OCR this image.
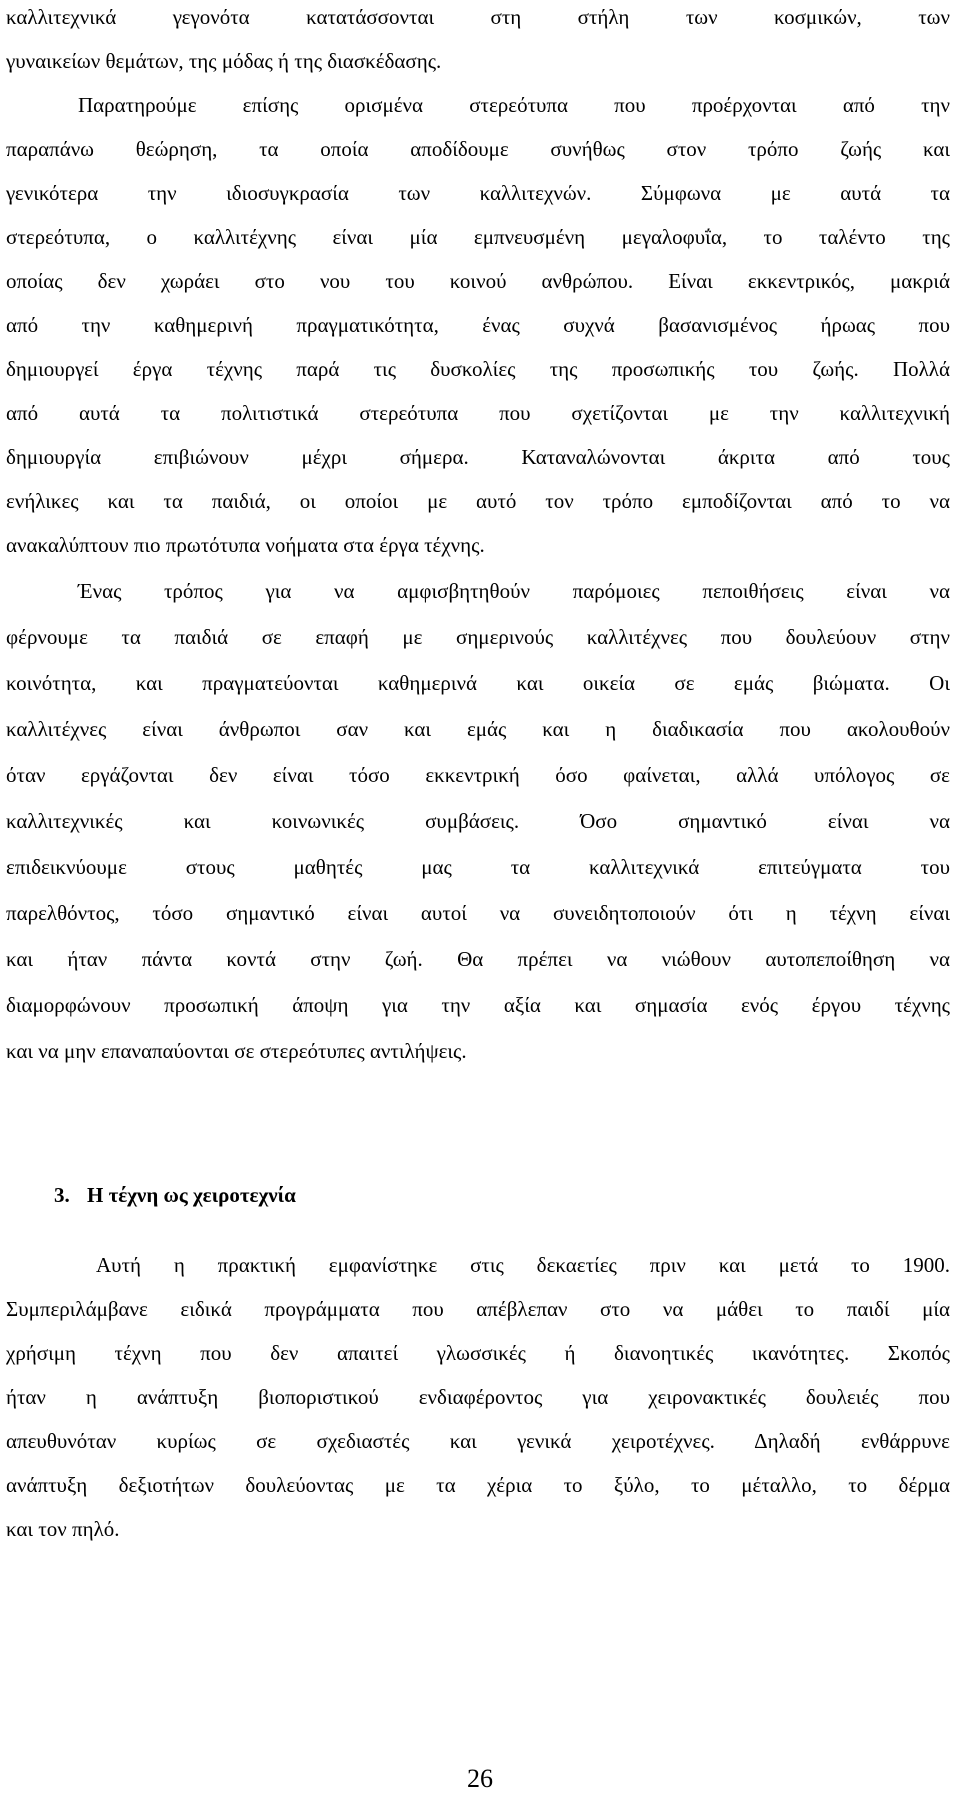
καλλιτεχνικά γεγονότα κατατάσσονται στη στήλη των κοσμικών, των
γυναικείων θεμάτων, της μόδας ή της διασκέδασης.
Παρατηρούμε επίσης ορισμένα στερεότυπα που προέρχονται από την
παραπάνω θεώρηση, τα οποία αποδίδουμε συνήθως στον τρόπο ζωής και
γενικότερα την ιδιοσυγκρασία των καλλιτεχνών. Σύμφωνα με αυτά τα
στερεότυπα, ο καλλιτέχνης είναι μία εμπνευσμένη μεγαλοφυΐα, το ταλέντο της
οποίας δεν χωράει στο νου του κοινού ανθρώπου. Είναι εκκεντρικός, μακριά
από την καθημερινή πραγματικότητα, ένας συχνά βασανισμένος ήρωας που
δημιουργεί έργα τέχνης παρά τις δυσκολίες της προσωπικής του ζωής. Πολλά
από αυτά τα πολιτιστικά στερεότυπα που σχετίζονται με την καλλιτεχνική
δημιουργία επιβιώνουν μέχρι σήμερα. Καταναλώνονται άκριτα από τους
ενήλικες και τα παιδιά, οι οποίοι με αυτό τον τρόπο εμποδίζονται από το να
ανακαλύπτουν πιο πρωτότυπα νοήματα στα έργα τέχνης.
Ένας τρόπος για να αμφισβητηθούν παρόμοιες πεποιθήσεις είναι να
φέρνουμε τα παιδιά σε επαφή με σημερινούς καλλιτέχνες που δουλεύουν στην
κοινότητα, και πραγματεύονται καθημερινά και οικεία σε εμάς βιώματα. Οι
καλλιτέχνες είναι άνθρωποι σαν και εμάς και η διαδικασία που ακολουθούν
όταν εργάζονται δεν είναι τόσο εκκεντρική όσο φαίνεται, αλλά υπόλογος σε
καλλιτεχνικές και κοινωνικές συμβάσεις. Όσο σημαντικό είναι να
επιδεικνύουμε στους μαθητές μας τα καλλιτεχνικά επιτεύγματα του
παρελθόντος, τόσο σημαντικό είναι αυτοί να συνειδητοποιούν ότι η τέχνη είναι
και ήταν πάντα κοντά στην ζωή. Θα πρέπει να νιώθουν αυτοπεποίθηση να
διαμορφώνουν προσωπική άποψη για την αξία και σημασία ενός έργου τέχνης
και να μην επαναπαύονται σε στερεότυπες αντιλήψεις.
3. Η τέχνη ως χειροτεχνία
Αυτή η πρακτική εμφανίστηκε στις δεκαετίες πριν και μετά το 1900.
Συμπεριλάμβανε ειδικά προγράμματα που απέβλεπαν στο να μάθει το παιδί μία
χρήσιμη τέχνη που δεν απαιτεί γλωσσικές ή διανοητικές ικανότητες. Σκοπός
ήταν η ανάπτυξη βιοποριστικού ενδιαφέροντος για χειρονακτικές δουλειές που
απευθυνόταν κυρίως σε σχεδιαστές και γενικά χειροτέχνες. Δηλαδή ενθάρρυνε
ανάπτυξη δεξιοτήτων δουλεύοντας με τα χέρια το ξύλο, το μέταλλο, το δέρμα
και τον πηλό.
26
